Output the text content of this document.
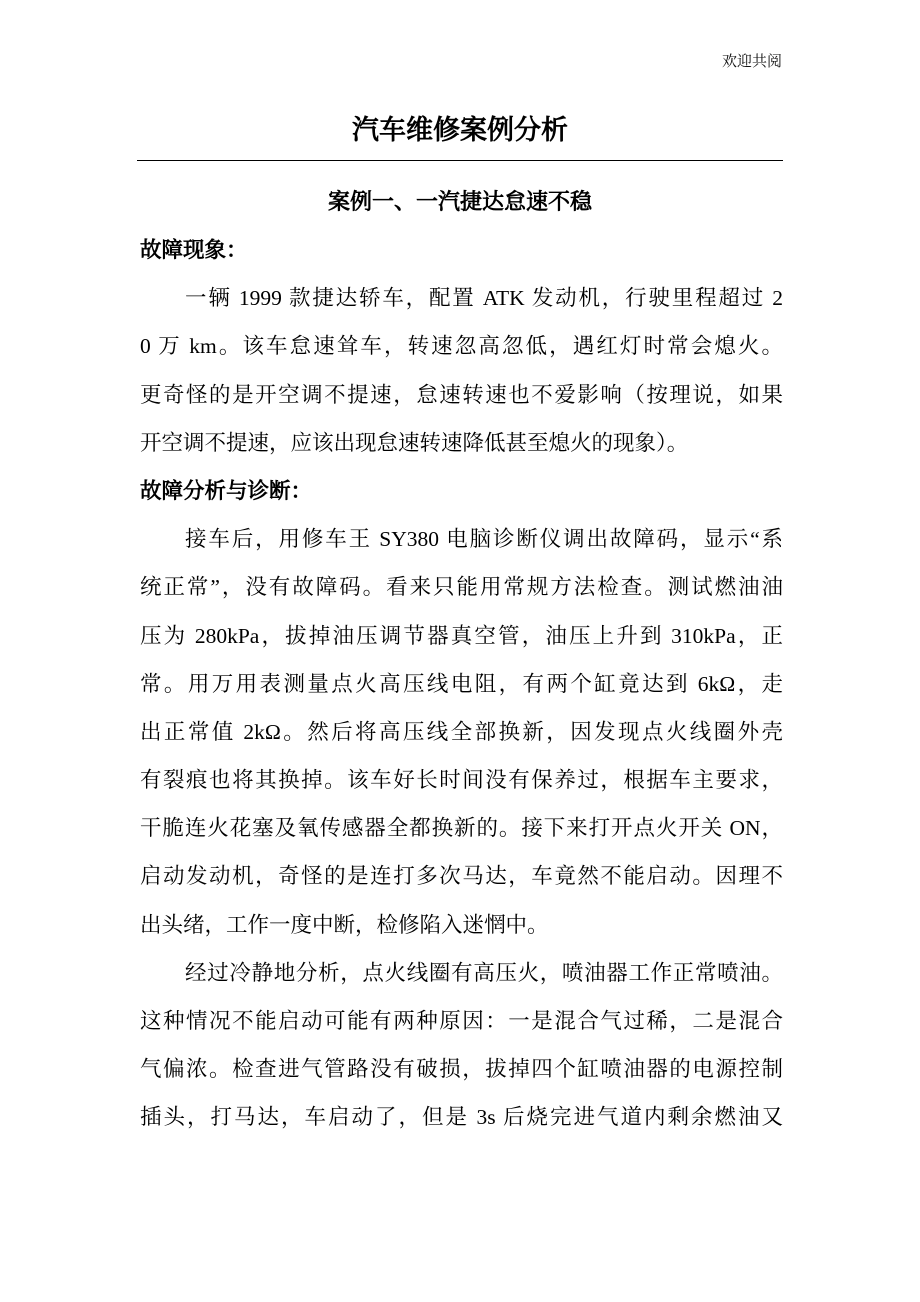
欢迎共阅
汽车维修案例分析
案例一、一汽捷达怠速不稳
故障现象：
一辆 1999 款捷达轿车，配置 ATK 发动机，行驶里程超过 2
0 万 km。该车怠速耸车，转速忽高忽低，遇红灯时常会熄火。
更奇怪的是开空调不提速，怠速转速也不爱影响（按理说，如果
开空调不提速，应该出现怠速转速降低甚至熄火的现象）。
故障分析与诊断：
接车后，用修车王 SY380 电脑诊断仪调出故障码，显示“系
统正常”，没有故障码。看来只能用常规方法检查。测试燃油油
压为 280kPa，拔掉油压调节器真空管，油压上升到 310kPa，正
常。用万用表测量点火高压线电阻，有两个缸竟达到 6kΩ，走
出正常值 2kΩ。然后将高压线全部换新，因发现点火线圈外壳
有裂痕也将其换掉。该车好长时间没有保养过，根据车主要求，
干脆连火花塞及氧传感器全都换新的。接下来打开点火开关 ON，
启动发动机，奇怪的是连打多次马达，车竟然不能启动。因理不
出头绪，工作一度中断，检修陷入迷惘中。
经过冷静地分析，点火线圈有高压火，喷油器工作正常喷油。
这种情况不能启动可能有两种原因：一是混合气过稀，二是混合
气偏浓。检查进气管路没有破损，拔掉四个缸喷油器的电源控制
插头，打马达，车启动了，但是 3s 后烧完进气道内剩余燃油又
